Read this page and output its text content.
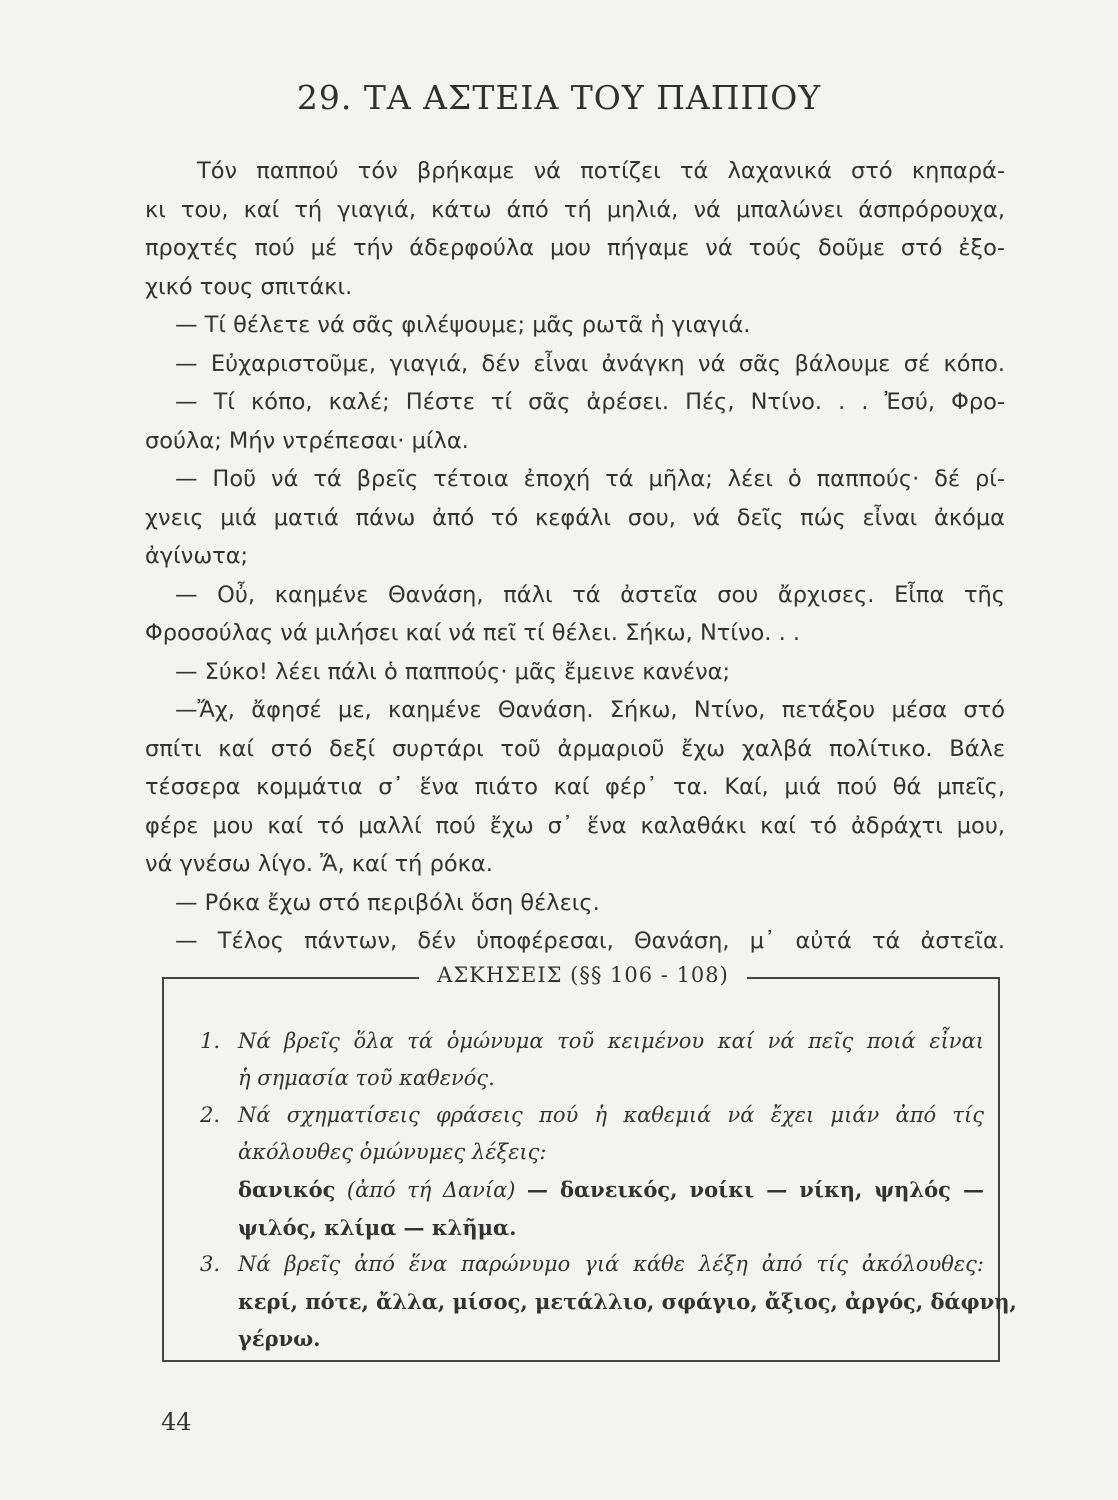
29. ΤΑ ΑΣΤΕΙΑ ΤΟΥ ΠΑΠΠΟΥ
Τόν παππού τόν βρήκαμε νά ποτίζει τά λαχανικά στό κηπαρά-
κι του, καί τή γιαγιά, κάτω άπό τή μηλιά, νά μπαλώνει άσπρόρουχα,
προχτές πού μέ τήν άδερφούλα μου πήγαμε νά τούς δοῦμε στό ἐξο-
χικό τους σπιτάκι.
— Τί θέλετε νά σᾶς φιλέψουμε; μᾶς ρωτᾶ ἡ γιαγιά.
— Εὐχαριστοῦμε, γιαγιά, δέν εἶναι ἀνάγκη νά σᾶς βάλουμε σέ κόπο.
— Τί κόπο, καλέ; Πέστε τί σᾶς ἀρέσει. Πές, Ντίνο. . . Ἐσύ, Φρο-
σούλα; Μήν ντρέπεσαι· μίλα.
— Ποῦ νά τά βρεῖς τέτοια ἐποχή τά μῆλα; λέει ὁ παππούς· δέ ρί-
χνεις μιά ματιά πάνω ἀπό τό κεφάλι σου, νά δεῖς πώς εἶναι ἀκόμα
ἀγίνωτα;
— Οὖ, καημένε Θανάση, πάλι τά ἀστεῖα σου ἄρχισες. Εἶπα τῆς
Φροσούλας νά μιλήσει καί νά πεῖ τί θέλει. Σήκω, Ντίνο. . .
— Σύκο! λέει πάλι ὁ παππούς· μᾶς ἔμεινε κανένα;
—Ἄχ, ἄφησέ με, καημένε Θανάση. Σήκω, Ντίνο, πετάξου μέσα στό
σπίτι καί στό δεξί συρτάρι τοῦ ἀρμαριοῦ ἔχω χαλβά πολίτικο. Βάλε
τέσσερα κομμάτια σ᾽ ἕνα πιάτο καί φέρ᾽ τα. Καί, μιά πού θά μπεῖς,
φέρε μου καί τό μαλλί πού ἔχω σ᾽ ἕνα καλαθάκι καί τό ἀδράχτι μου,
νά γνέσω λίγο. Ἄ, καί τή ρόκα.
— Ρόκα ἔχω στό περιβόλι ὅση θέλεις.
— Τέλος πάντων, δέν ὑποφέρεσαι, Θανάση, μ᾽ αὐτά τά ἀστεῖα.
ΑΣΚΗΣΕΙΣ (§§ 106 - 108)
1. Νά βρεῖς ὅλα τά ὁμώνυμα τοῦ κειμένου καί νά πεῖς ποιά εἶναι
ἡ σημασία τοῦ καθενός.
2. Νά σχηματίσεις φράσεις πού ἡ καθεμιά νά ἔχει μιάν ἀπό τίς
ἀκόλουθες ὁμώνυμες λέξεις:
δανικός (ἀπό τή Δανία) — δανεικός, νοίκι — νίκη, ψηλός —
ψιλός, κλίμα — κλῆμα.
3. Νά βρεῖς ἀπό ἕνα παρώνυμο γιά κάθε λέξη ἀπό τίς ἀκόλουθες:
κερί, πότε, ἄλλα, μίσος, μετάλλιο, σφάγιο, ἄξιος, ἀργός, δάφνη,
γέρνω.
44
